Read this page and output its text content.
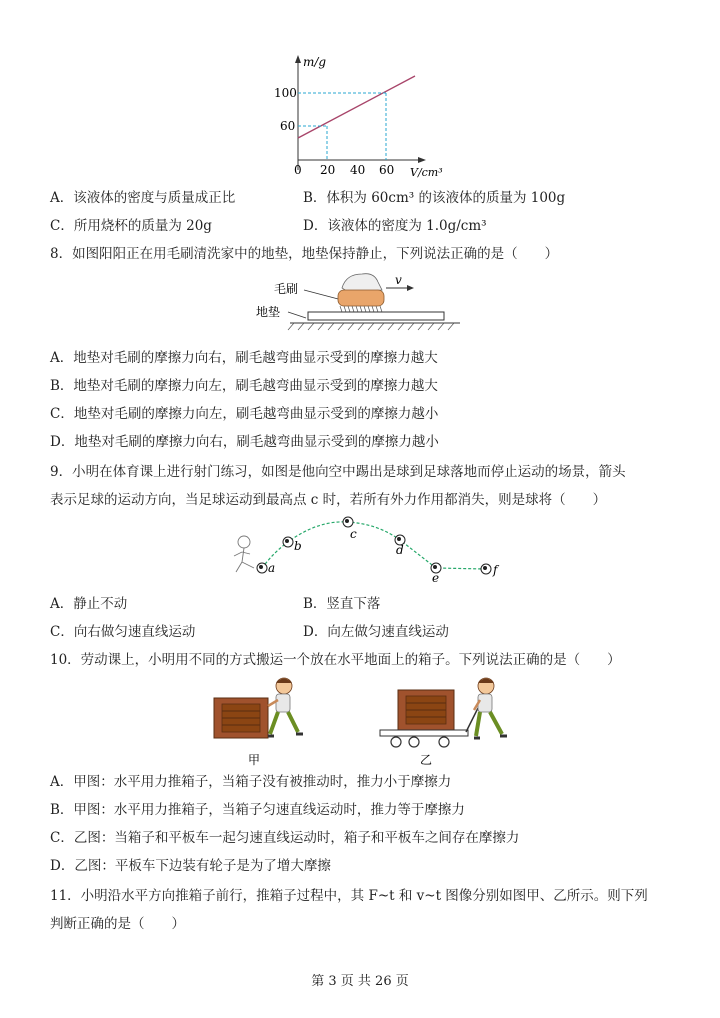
m/g
V/cm³
100
60
0 20 40 60
A．该液体的密度与质量成正比	B．体积为 60cm³ 的该液体的质量为 100g
C．所用烧杯的质量为 20g	D．该液体的密度为 1.0g/cm³
8．如图阳阳正在用毛刷清洗家中的地垫，地垫保持静止，下列说法正确的是（　　）
毛刷
地垫
v
A．地垫对毛刷的摩擦力向右，刷毛越弯曲显示受到的摩擦力越大
B．地垫对毛刷的摩擦力向左，刷毛越弯曲显示受到的摩擦力越大
C．地垫对毛刷的摩擦力向左，刷毛越弯曲显示受到的摩擦力越小
D．地垫对毛刷的摩擦力向右，刷毛越弯曲显示受到的摩擦力越小
9．小明在体育课上进行射门练习，如图是他向空中踢出是球到足球落地而停止运动的场景，箭头
表示足球的运动方向，当足球运动到最高点 c 时，若所有外力作用都消失，则是球将（　　）
a
b
c
d
e
f
A．静止不动	B．竖直下落
C．向右做匀速直线运动	D．向左做匀速直线运动
10．劳动课上，小明用不同的方式搬运一个放在水平地面上的箱子。下列说法正确的是（　　）
甲	乙
A．甲图：水平用力推箱子，当箱子没有被推动时，推力小于摩擦力
B．甲图：水平用力推箱子，当箱子匀速直线运动时，推力等于摩擦力
C．乙图：当箱子和平板车一起匀速直线运动时，箱子和平板车之间存在摩擦力
D．乙图：平板车下边装有轮子是为了增大摩擦
11．小明沿水平方向推箱子前行，推箱子过程中，其 F~t 和 v~t 图像分别如图甲、乙所示。则下列
判断正确的是（　　）
第 3 页 共 26 页
